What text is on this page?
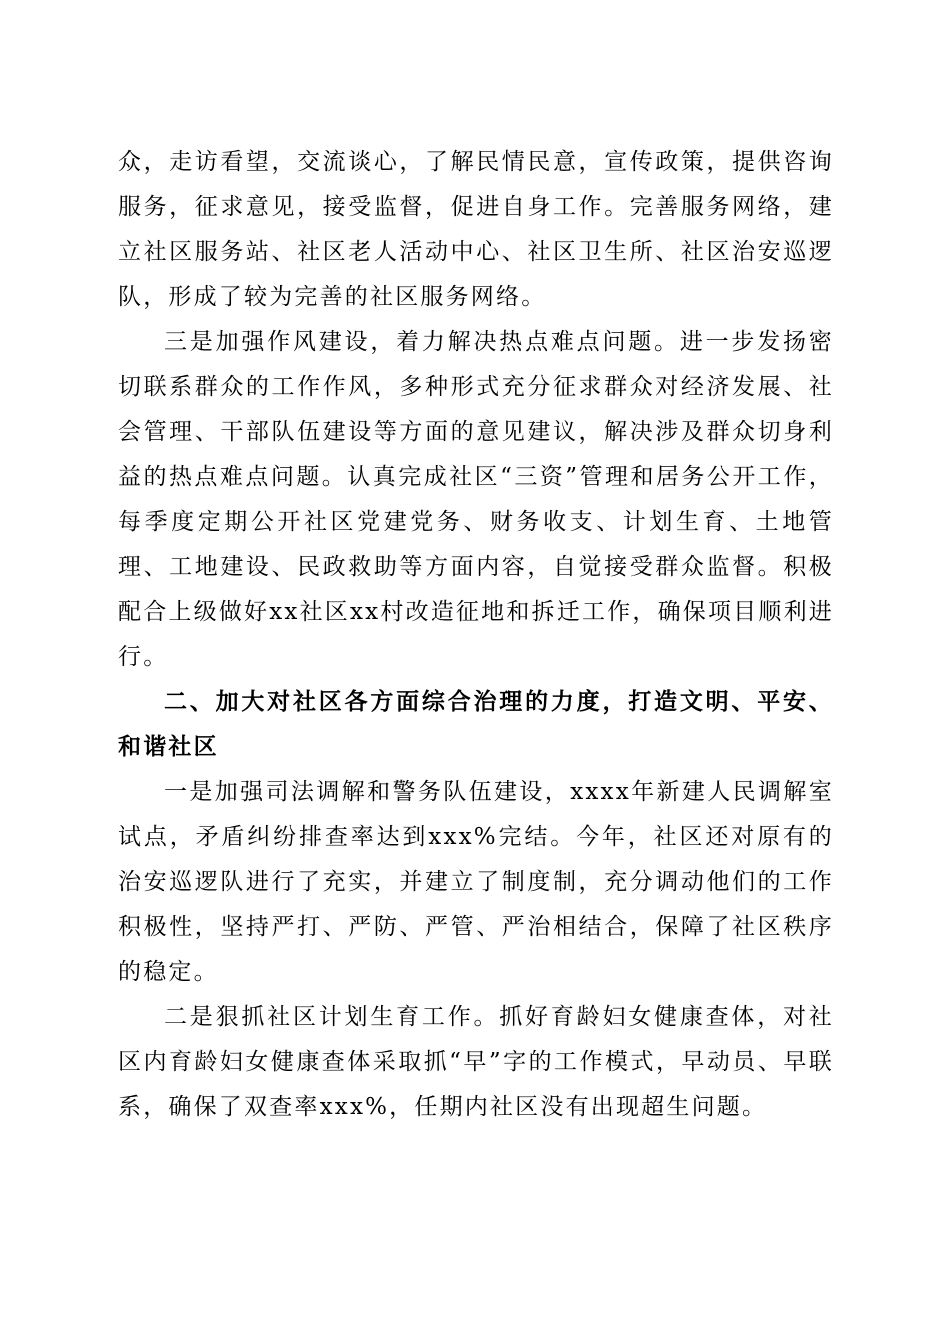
众，走访看望，交流谈心，了解民情民意，宣传政策，提供咨询服务，征求意见，接受监督，促进自身工作。完善服务网络，建立社区服务站、社区老人活动中心、社区卫生所、社区治安巡逻队，形成了较为完善的社区服务网络。

三是加强作风建设，着力解决热点难点问题。进一步发扬密切联系群众的工作作风，多种形式充分征求群众对经济发展、社会管理、干部队伍建设等方面的意见建议，解决涉及群众切身利益的热点难点问题。认真完成社区“三资”管理和居务公开工作，每季度定期公开社区党建党务、财务收支、计划生育、土地管理、工地建设、民政救助等方面内容，自觉接受群众监督。积极配合上级做好xx社区xx村改造征地和拆迁工作，确保项目顺利进行。

二、加大对社区各方面综合治理的力度，打造文明、平安、和谐社区

一是加强司法调解和警务队伍建设，xxxx年新建人民调解室试点，矛盾纠纷排查率达到xxx%完结。今年，社区还对原有的治安巡逻队进行了充实，并建立了制度制，充分调动他们的工作积极性，坚持严打、严防、严管、严治相结合，保障了社区秩序的稳定。

二是狠抓社区计划生育工作。抓好育龄妇女健康查体，对社区内育龄妇女健康查体采取抓“早”字的工作模式，早动员、早联系，确保了双查率xxx%，任期内社区没有出现超生问题。
